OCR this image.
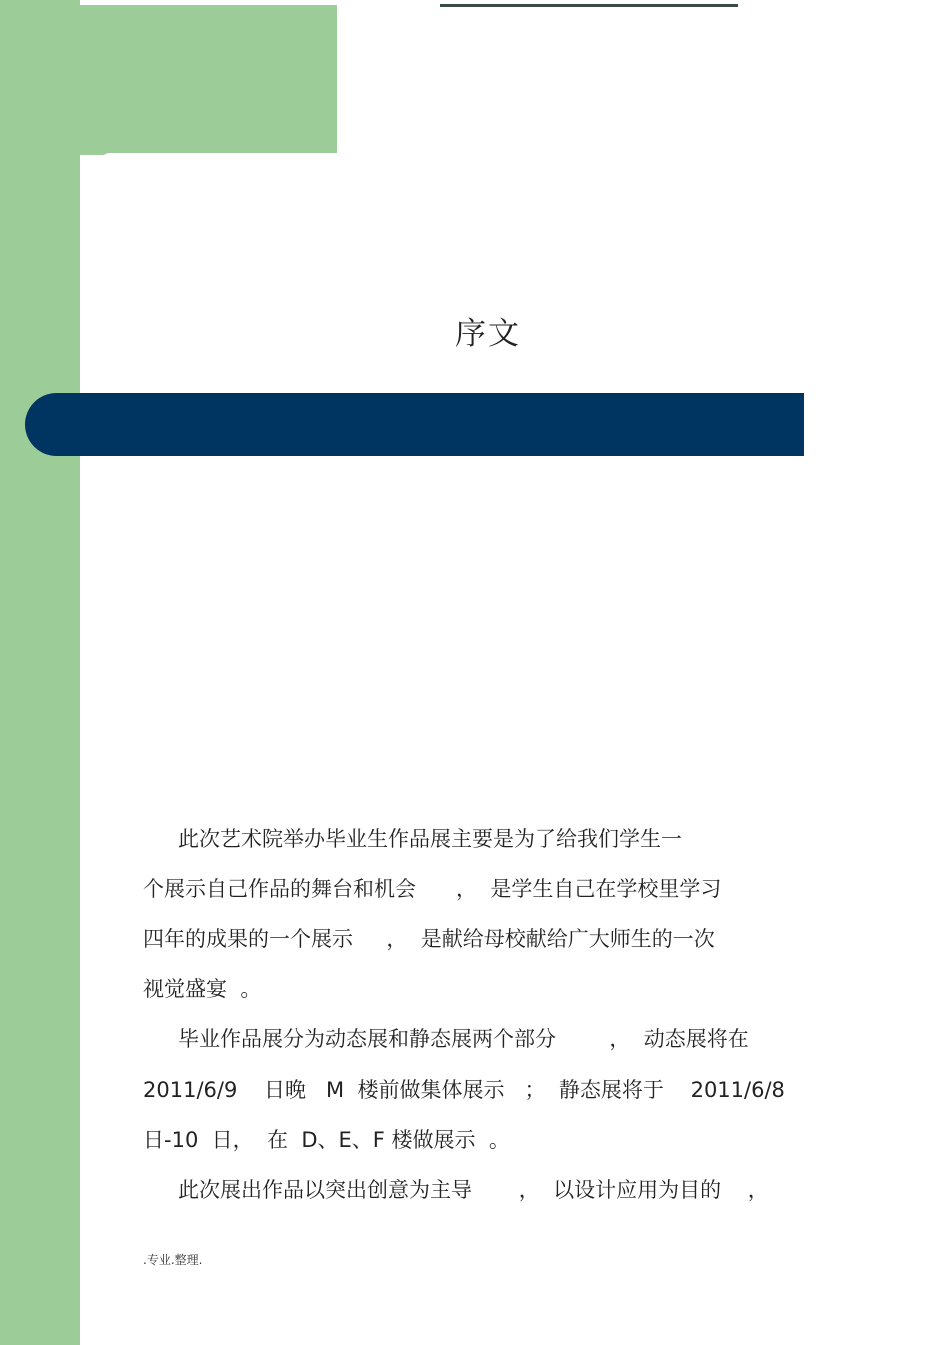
序文
此次艺术院举办毕业生作品展主要是为了给我们学生一
个展示自己作品的舞台和机会      ，  是学生自己在学校里学习
四年的成果的一个展示     ，  是献给母校献给广大师生的一次
视觉盛宴  。
毕业作品展分为动态展和静态展两个部分        ，  动态展将在
2011/6/9    日晚   M  楼前做集体展示   ；  静态展将于    2011/6/8
日-10  日，  在  D、E、F 楼做展示  。
此次展出作品以突出创意为主导       ，  以设计应用为目的    ，
.专业.整理.
